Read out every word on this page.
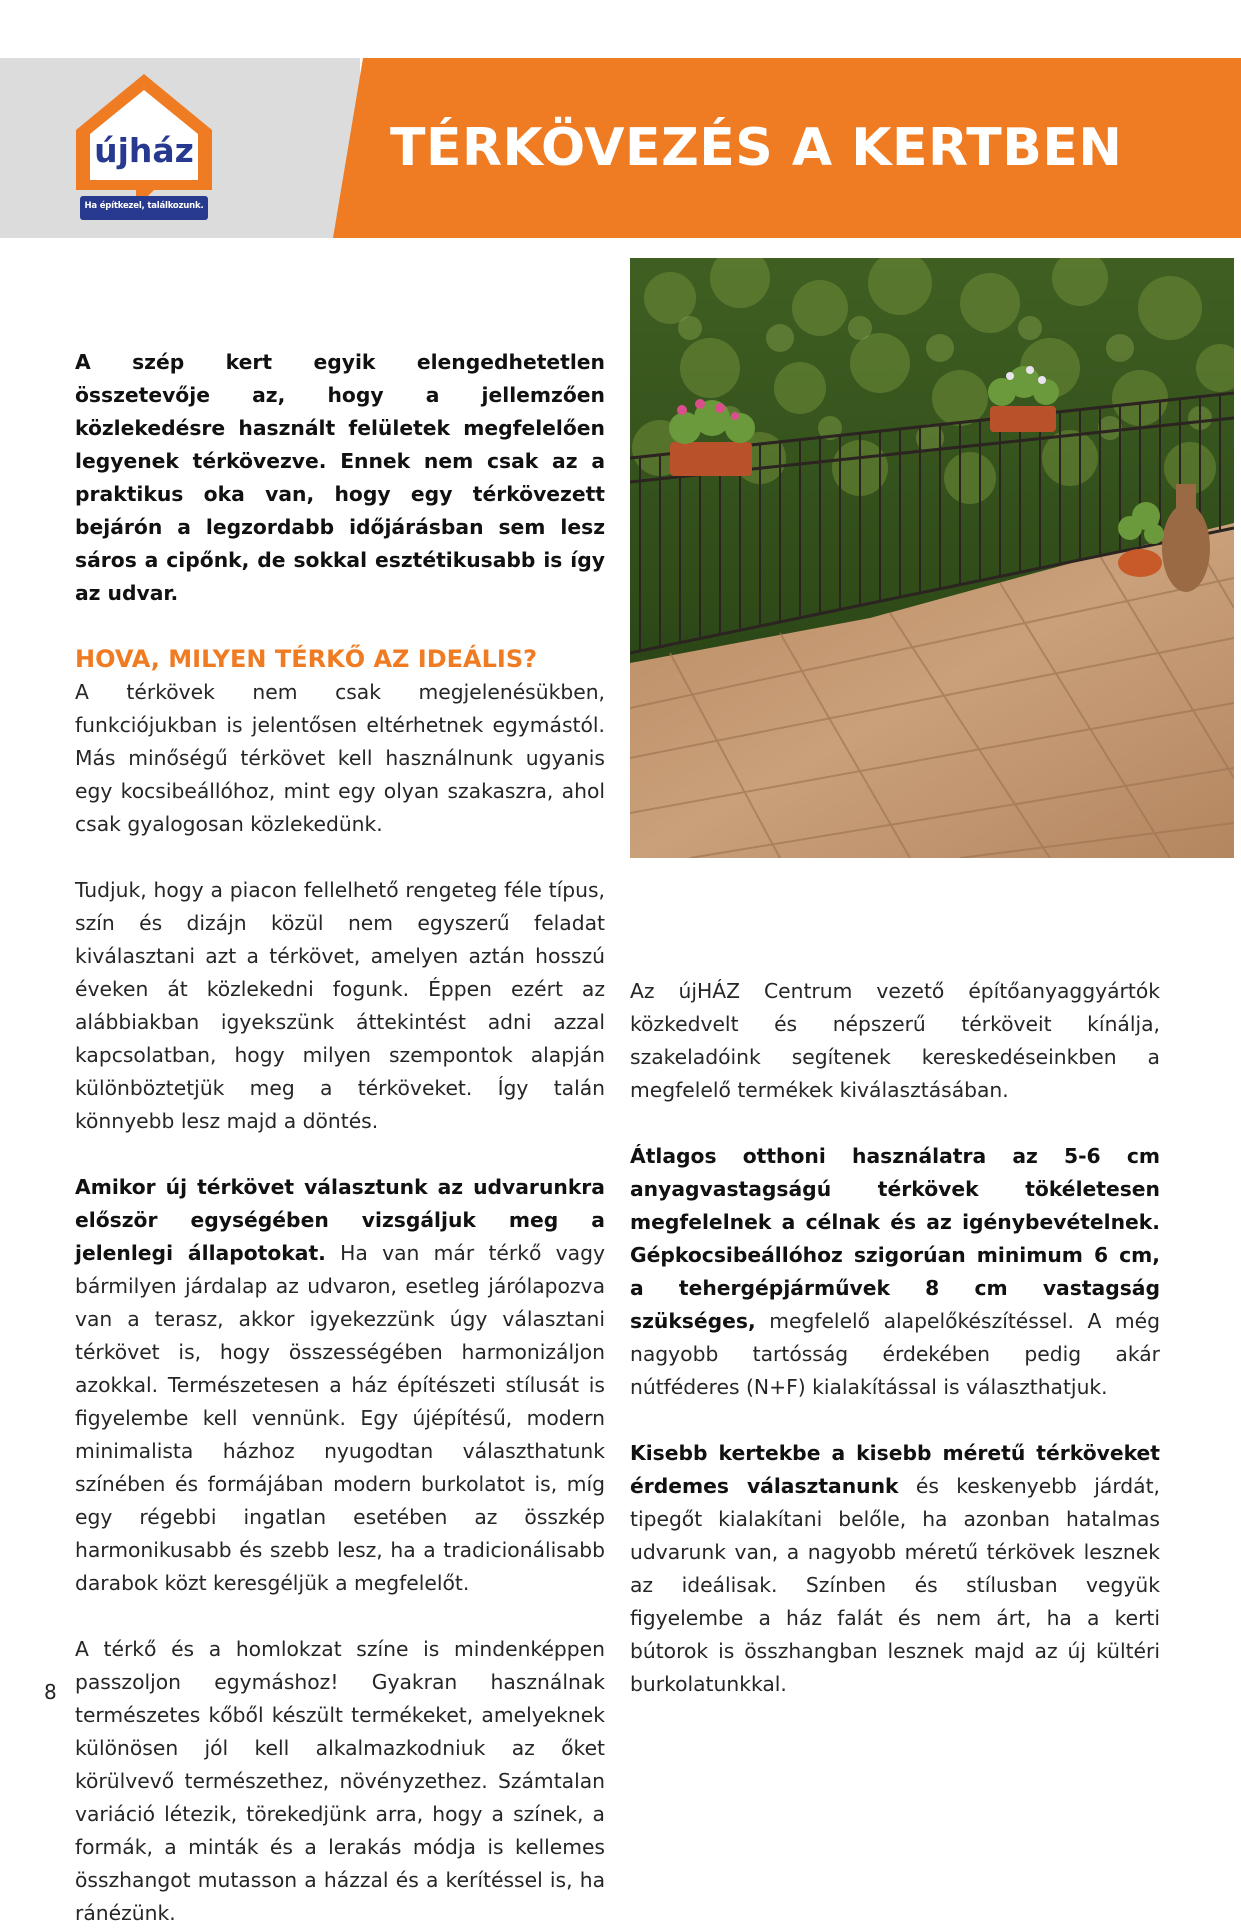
újház
Ha építkezel, találkozunk.
TÉRKÖVEZÉS A KERTBEN

A szép kert egyik elengedhetetlen összetevője az, hogy a jellemzően közlekedésre használt felületek megfelelően legyenek térkövezve. Ennek nem csak az a praktikus oka van, hogy egy térkövezett bejárón a legzordabb időjárásban sem lesz sáros a cipőnk, de sokkal esztétikusabb is így az udvar.

HOVA, MILYEN TÉRKŐ AZ IDEÁLIS?

A térkövek nem csak megjelenésükben, funkciójukban is jelentősen eltérhetnek egymástól. Más minőségű térkövet kell használnunk ugyanis egy kocsibeállóhoz, mint egy olyan szakaszra, ahol csak gyalogosan közlekedünk.

Tudjuk, hogy a piacon fellelhető rengeteg féle típus, szín és dizájn közül nem egyszerű feladat kiválasztani azt a térkövet, amelyen aztán hosszú éveken át közlekedni fogunk. Éppen ezért az alábbiakban igyekszünk áttekintést adni azzal kapcsolatban, hogy milyen szempontok alapján különböztetjük meg a térköveket. Így talán könnyebb lesz majd a döntés.

Amikor új térkövet választunk az udvarunkra először egységében vizsgáljuk meg a jelenlegi állapotokat. Ha van már térkő vagy bármilyen járdalap az udvaron, esetleg járólapozva van a terasz, akkor igyekezzünk úgy választani térkövet is, hogy összességében harmonizáljon azokkal. Természetesen a ház építészeti stílusát is figyelembe kell vennünk. Egy újépítésű, modern minimalista házhoz nyugodtan választhatunk színében és formájában modern burkolatot is, míg egy régebbi ingatlan esetében az összkép harmonikusabb és szebb lesz, ha a tradicionálisabb darabok közt keresgéljük a megfelelőt.

A térkő és a homlokzat színe is mindenképpen passzoljon egymáshoz! Gyakran használnak természetes kőből készült termékeket, amelyeknek különösen jól kell alkalmazkodniuk az őket körülvevő természethez, növényzethez. Számtalan variáció létezik, törekedjünk arra, hogy a színek, a formák, a minták és a lerakás módja is kellemes összhangot mutasson a házzal és a kerítéssel is, ha ránézünk.

Az újHÁZ Centrum vezető építőanyaggyártók közkedvelt és népszerű térköveit kínálja, szakeladóink segítenek kereskedéseinkben a megfelelő termékek kiválasztásában.

Átlagos otthoni használatra az 5-6 cm anyagvastagságú térkövek tökéletesen megfelelnek a célnak és az igénybevételnek. Gépkocsibeállóhoz szigorúan minimum 6 cm, a tehergépjárművek 8 cm vastagság szükséges, megfelelő alapelőkészítéssel. A még nagyobb tartósság érdekében pedig akár nútféderes (N+F) kialakítással is választhatjuk.

Kisebb kertekbe a kisebb méretű térköveket érdemes választanunk és keskenyebb járdát, tipegőt kialakítani belőle, ha azonban hatalmas udvarunk van, a nagyobb méretű térkövek lesznek az ideálisak. Színben és stílusban vegyük figyelembe a ház falát és nem árt, ha a kerti bútorok is összhangban lesznek majd az új kültéri burkolatunkkal.

8
